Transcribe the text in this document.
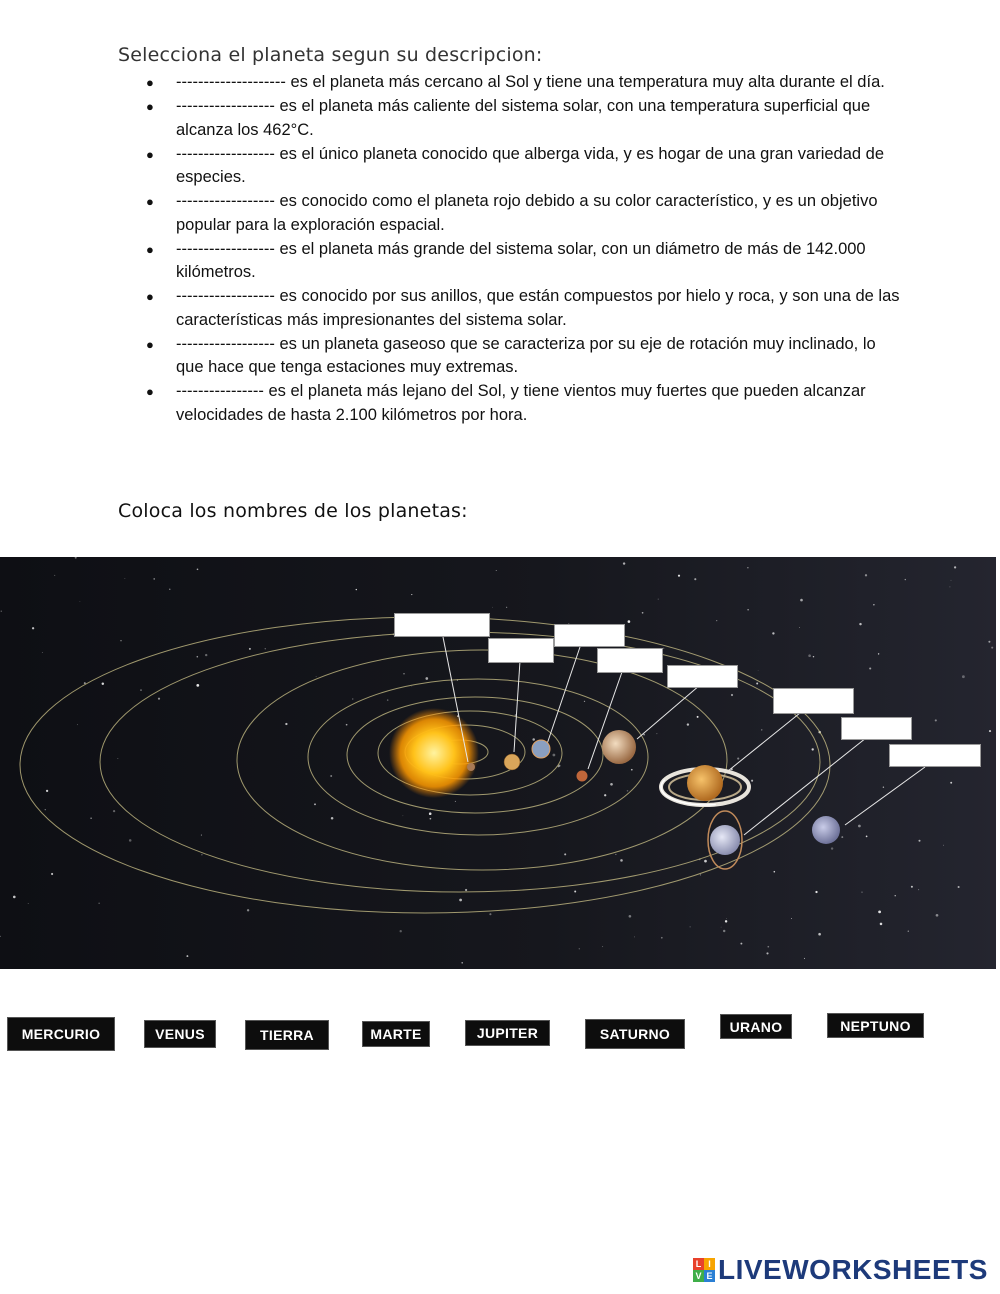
Selecciona el planeta segun su descripcion:
● -------------------- es el planeta más cercano al Sol y tiene una temperatura muy alta durante el día.
● ------------------ es el planeta más caliente del sistema solar, con una temperatura superficial que alcanza los 462°C.
● ------------------ es el único planeta conocido que alberga vida, y es hogar de una gran variedad de especies.
● ------------------ es conocido como el planeta rojo debido a su color característico, y es un objetivo popular para la exploración espacial.
● ------------------ es el planeta más grande del sistema solar, con un diámetro de más de 142.000 kilómetros.
● ------------------ es conocido por sus anillos, que están compuestos por hielo y roca, y son una de las características más impresionantes del sistema solar.
● ------------------ es un planeta gaseoso que se caracteriza por su eje de rotación muy inclinado, lo que hace que tenga estaciones muy extremas.
● ---------------- es el planeta más lejano del Sol, y tiene vientos muy fuertes que pueden alcanzar velocidades de hasta 2.100 kilómetros por hora.
Coloca los nombres de los planetas:
MERCURIO	VENUS	TIERRA	MARTE	JUPITER	SATURNO	URANO	NEPTUNO
L I
V E LIVEWORKSHEETS
